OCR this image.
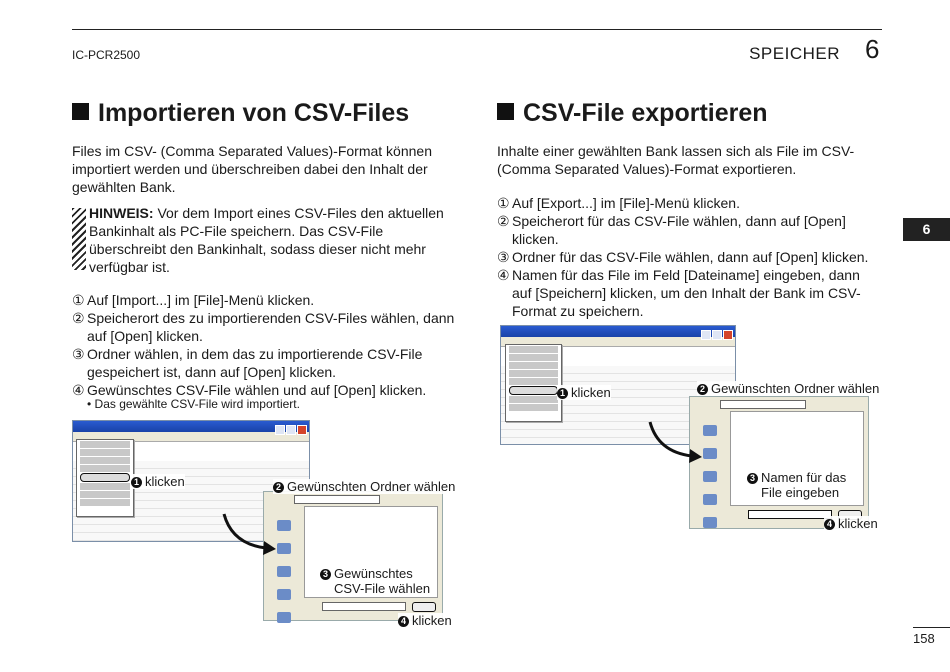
IC-PCR2500	SPEICHER 6
6
Importieren von CSV-Files

Files im CSV- (Comma Separated Values)-Format können importiert werden und überschreiben dabei den Inhalt der gewählten Bank.

HINWEIS: Vor dem Import eines CSV-Files den aktuellen Bankinhalt als PC-File speichern. Das CSV-File überschreibt den Bankinhalt, sodass dieser nicht mehr verfügbar ist.
① Auf [Import...] im [File]-Menü klicken.
② Speicherort des zu importierenden CSV-Files wählen, dann auf [Open] klicken.
③ Ordner wählen, in dem das zu importierende CSV-File gespeichert ist, dann auf [Open] klicken.
④ Gewünschtes CSV-File wählen und auf [Open] klicken.
• Das gewählte CSV-File wird importiert.
1 klicken	2 Gewünschten Ordner wählen
3 Gewünschtes
CSV-File wählen
4 klicken
CSV-File exportieren

Inhalte einer gewählten Bank lassen sich als File im CSV- (Comma Separated Values)-Format exportieren.

① Auf [Export...] im [File]-Menü klicken.
② Speicherort für das CSV-File wählen, dann auf [Open] klicken.
③ Ordner für das CSV-File wählen, dann auf [Open] klicken.
④ Namen für das File im Feld [Dateiname] eingeben, dann auf [Speichern] klicken, um den Inhalt der Bank im CSV-Format zu speichern.
1 klicken	2 Gewünschten Ordner wählen
3 Namen für das
File eingeben
4 klicken
158
